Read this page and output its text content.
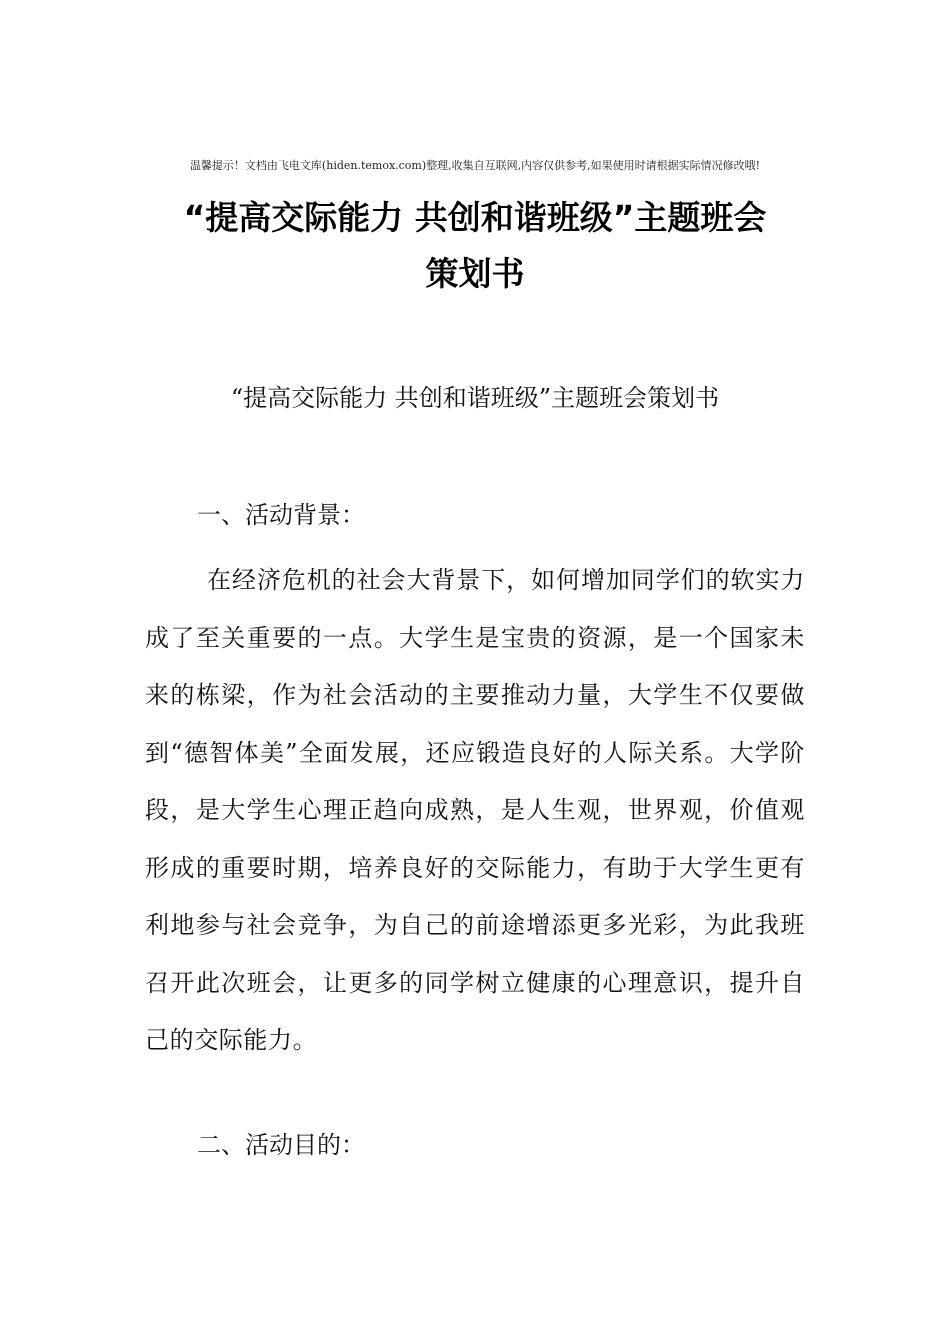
温馨提示！文档由飞电文库(hiden.temox.com)整理,收集自互联网,内容仅供参考,如果使用时请根据实际情况修改哦!
“提高交际能力 共创和谐班级”主题班会
策划书
“提高交际能力 共创和谐班级”主题班会策划书
一、活动背景：
在经济危机的社会大背景下，如何增加同学们的软实力成了至关重要的一点。大学生是宝贵的资源，是一个国家未来的栋梁，作为社会活动的主要推动力量，大学生不仅要做到“德智体美”全面发展，还应锻造良好的人际关系。大学阶段，是大学生心理正趋向成熟，是人生观，世界观，价值观形成的重要时期，培养良好的交际能力，有助于大学生更有利地参与社会竞争，为自己的前途增添更多光彩，为此我班召开此次班会，让更多的同学树立健康的心理意识，提升自己的交际能力。
二、活动目的：
